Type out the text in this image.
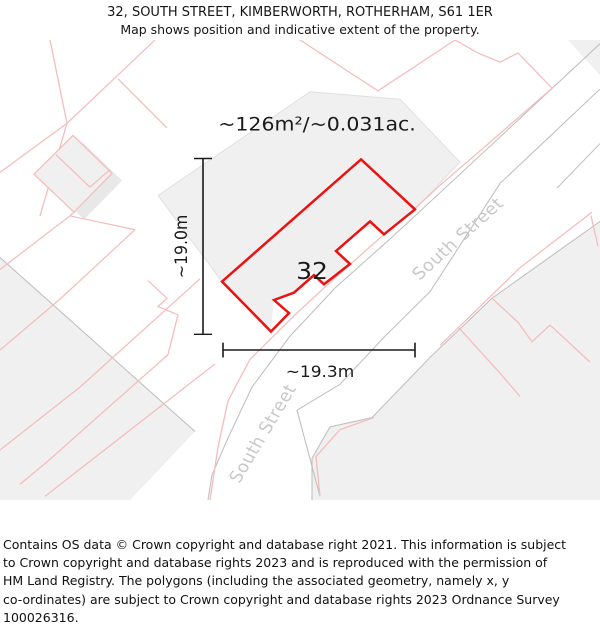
32, SOUTH STREET, KIMBERWORTH, ROTHERHAM, S61 1ER
Map shows position and indicative extent of the property.
South Street
South Street
~126m²/~0.031ac.
~19.0m
~19.3m
32
Contains OS data © Crown copyright and database right 2021. This information is subject
to Crown copyright and database rights 2023 and is reproduced with the permission of
HM Land Registry. The polygons (including the associated geometry, namely x, y
co-ordinates) are subject to Crown copyright and database rights 2023 Ordnance Survey
100026316.
